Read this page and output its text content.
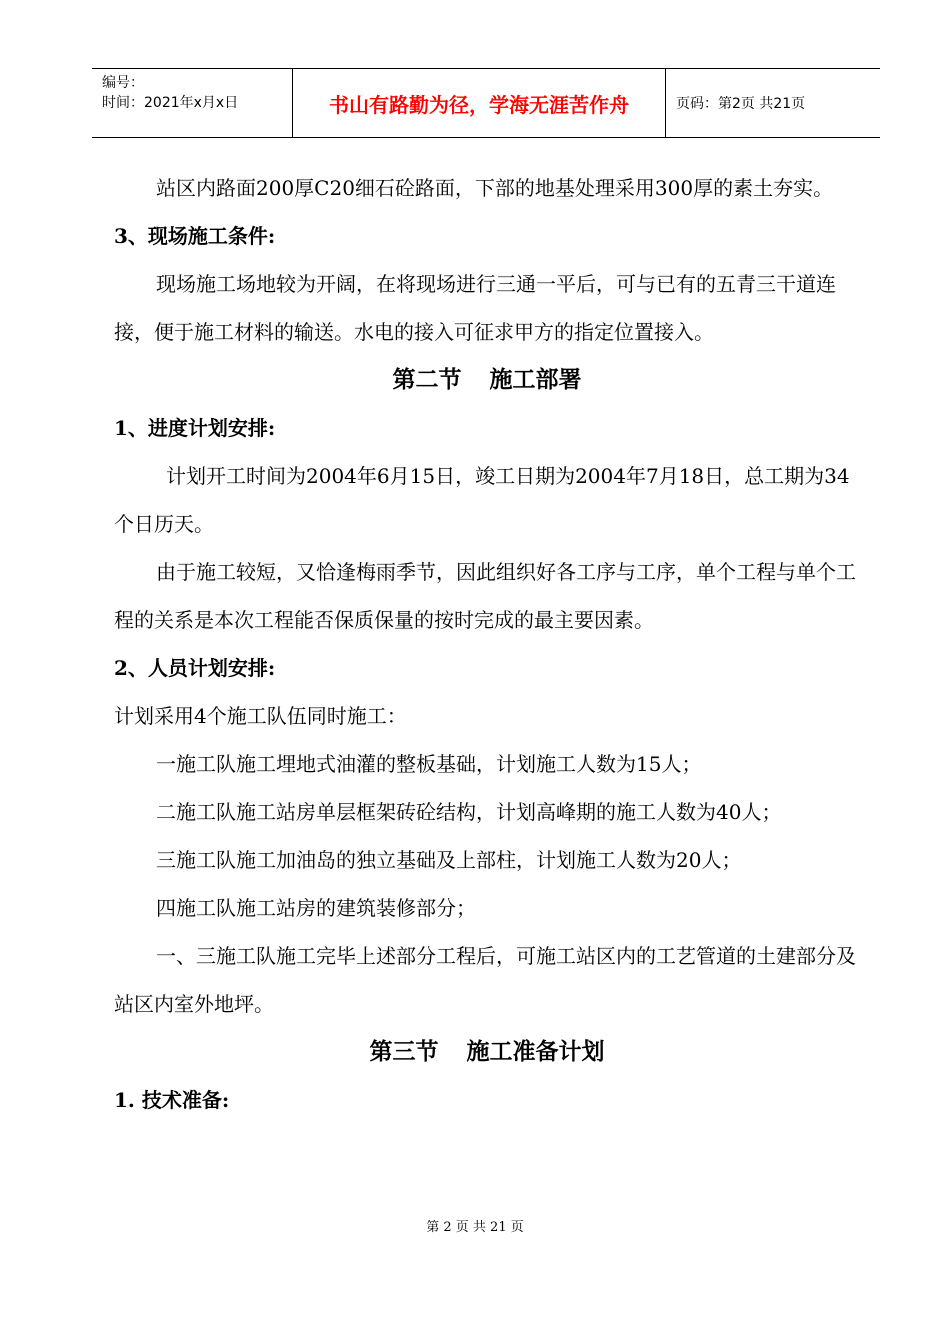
编号：
时间：2021年x月x日	书山有路勤为径，学海无涯苦作舟	页码：第2页 共21页

站区内路面200厚C20细石砼路面，下部的地基处理采用300厚的素土夯实。

3、现场施工条件:

现场施工场地较为开阔，在将现场进行三通一平后，可与已有的五青三干道连接，便于施工材料的输送。水电的接入可征求甲方的指定位置接入。

第二节 施工部署

1、进度计划安排:

计划开工时间为2004年6月15日，竣工日期为2004年7月18日，总工期为34个日历天。

由于施工较短，又恰逢梅雨季节，因此组织好各工序与工序，单个工程与单个工程的关系是本次工程能否保质保量的按时完成的最主要因素。

2、人员计划安排:

计划采用4个施工队伍同时施工：

一施工队施工埋地式油灌的整板基础，计划施工人数为15人；

二施工队施工站房单层框架砖砼结构，计划高峰期的施工人数为40人；

三施工队施工加油岛的独立基础及上部柱，计划施工人数为20人；

四施工队施工站房的建筑装修部分；

一、三施工队施工完毕上述部分工程后，可施工站区内的工艺管道的土建部分及站区内室外地坪。

第三节 施工准备计划

1. 技术准备:

第 2 页 共 21 页
